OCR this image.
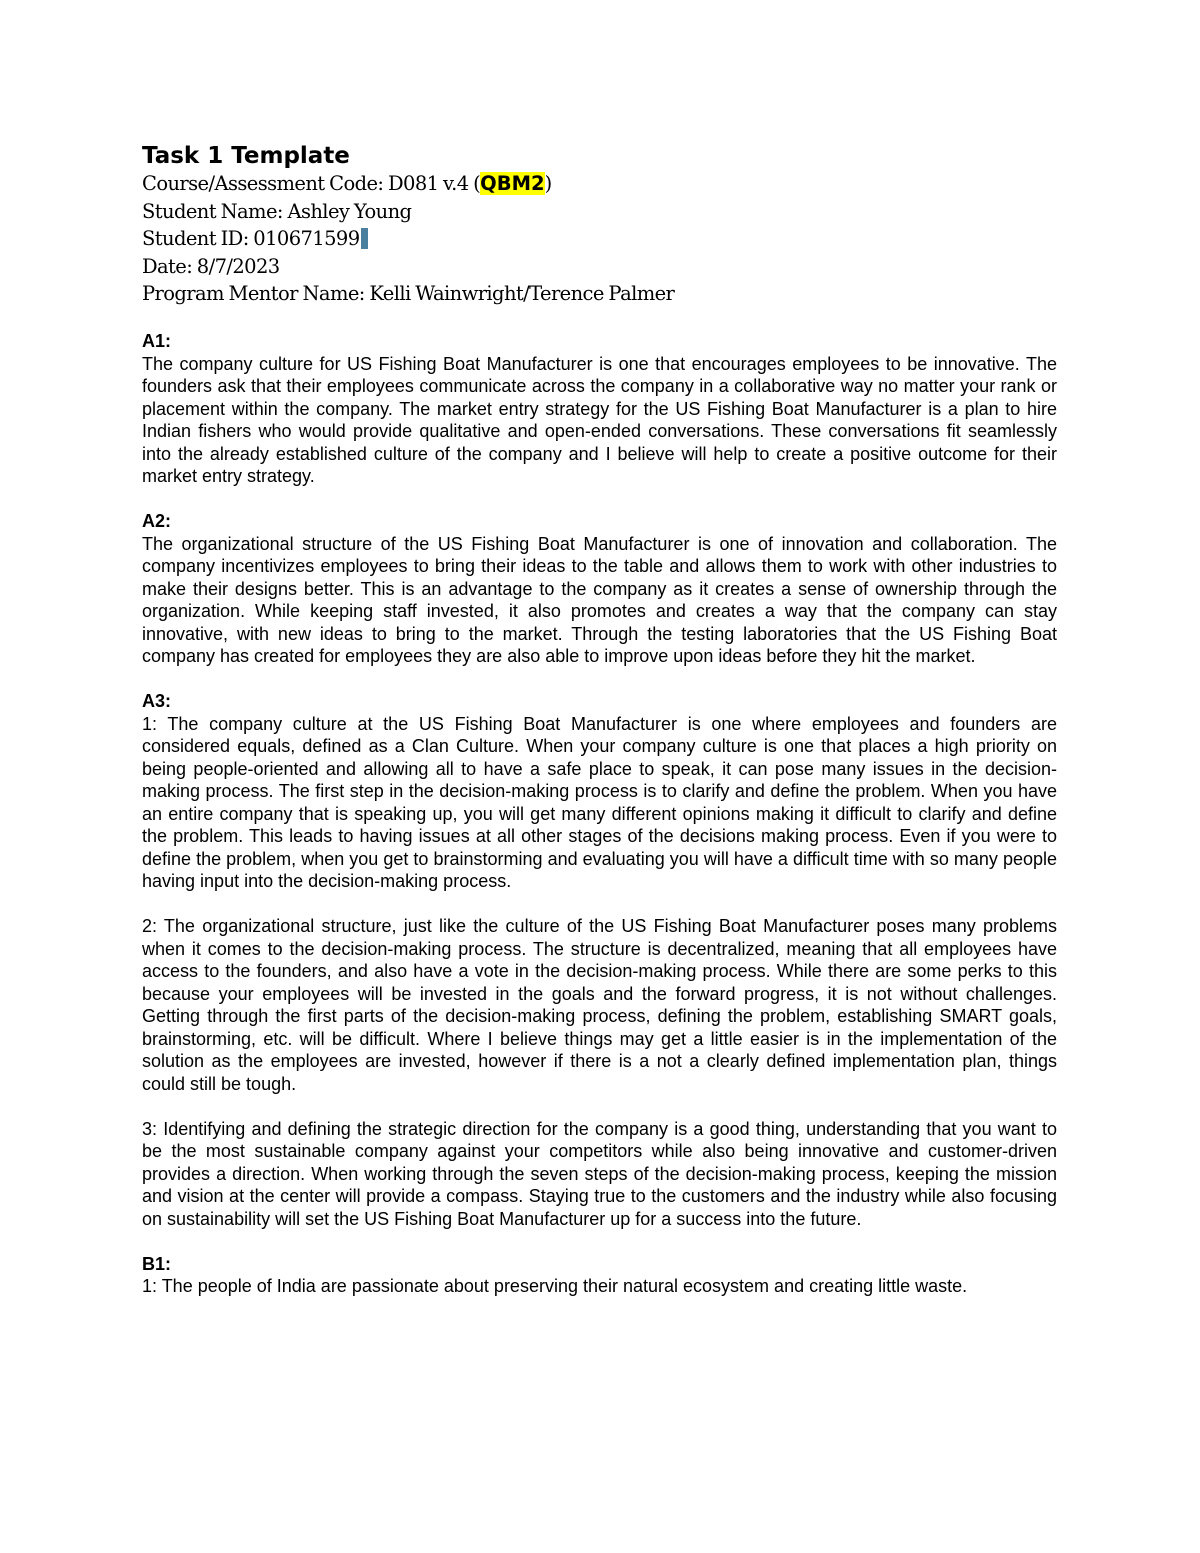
Task 1 Template
Course/Assessment Code: D081 v.4 (QBM2)
Student Name: Ashley Young
Student ID: 010671599
Date: 8/7/2023
Program Mentor Name: Kelli Wainwright/Terence Palmer
A1:

The company culture for US Fishing Boat Manufacturer is one that encourages employees to be innovative. The founders ask that their employees communicate across the company in a collaborative way no matter your rank or placement within the company. The market entry strategy for the US Fishing Boat Manufacturer is a plan to hire Indian fishers who would provide qualitative and open-ended conversations. These conversations fit seamlessly into the already established culture of the company and I believe will help to create a positive outcome for their market entry strategy.

A2:

The organizational structure of the US Fishing Boat Manufacturer is one of innovation and collaboration. The company incentivizes employees to bring their ideas to the table and allows them to work with other industries to make their designs better. This is an advantage to the company as it creates a sense of ownership through the organization. While keeping staff invested, it also promotes and creates a way that the company can stay innovative, with new ideas to bring to the market. Through the testing laboratories that the US Fishing Boat company has created for employees they are also able to improve upon ideas before they hit the market.

A3:

1: The company culture at the US Fishing Boat Manufacturer is one where employees and founders are considered equals, defined as a Clan Culture. When your company culture is one that places a high priority on being people-oriented and allowing all to have a safe place to speak, it can pose many issues in the decision-making process. The first step in the decision-making process is to clarify and define the problem. When you have an entire company that is speaking up, you will get many different opinions making it difficult to clarify and define the problem. This leads to having issues at all other stages of the decisions making process. Even if you were to define the problem, when you get to brainstorming and evaluating you will have a difficult time with so many people having input into the decision-making process.

2: The organizational structure, just like the culture of the US Fishing Boat Manufacturer poses many problems when it comes to the decision-making process. The structure is decentralized, meaning that all employees have access to the founders, and also have a vote in the decision-making process. While there are some perks to this because your employees will be invested in the goals and the forward progress, it is not without challenges. Getting through the first parts of the decision-making process, defining the problem, establishing SMART goals, brainstorming, etc. will be difficult. Where I believe things may get a little easier is in the implementation of the solution as the employees are invested, however if there is a not a clearly defined implementation plan, things could still be tough.

3: Identifying and defining the strategic direction for the company is a good thing, understanding that you want to be the most sustainable company against your competitors while also being innovative and customer-driven provides a direction. When working through the seven steps of the decision-making process, keeping the mission and vision at the center will provide a compass. Staying true to the customers and the industry while also focusing on sustainability will set the US Fishing Boat Manufacturer up for a success into the future.

B1:

1: The people of India are passionate about preserving their natural ecosystem and creating little waste.
